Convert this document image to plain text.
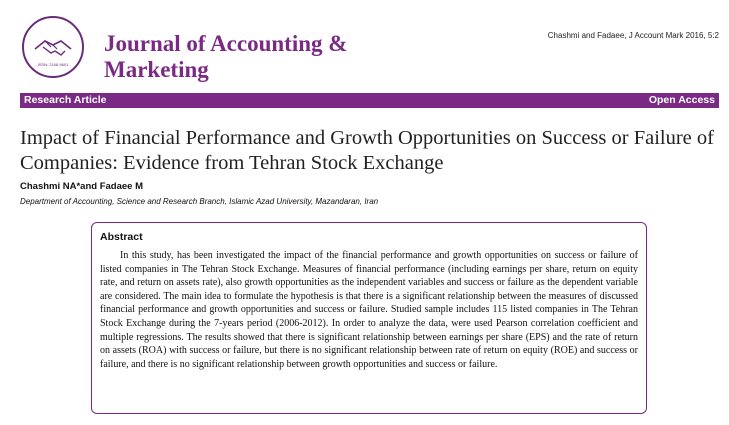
ISSN: 2168-9601
Journal of Accounting &
Marketing
Chashmi and Fadaee, J Account Mark 2016, 5:2
Research Article	Open Access
Impact of Financial Performance and Growth Opportunities on Success or Failure of Companies: Evidence from Tehran Stock Exchange
Chashmi NA*and Fadaee M
Department of Accounting, Science and Research Branch, Islamic Azad University, Mazandaran, Iran
Abstract

In this study, has been investigated the impact of the financial performance and growth opportunities on success or failure of listed companies in The Tehran Stock Exchange. Measures of financial performance (including earnings per share, return on equity rate, and return on assets rate), also growth opportunities as the independent variables and success or failure as the dependent variable are considered. The main idea to formulate the hypothesis is that there is a significant relationship between the measures of discussed financial performance and growth opportunities and success or failure. Studied sample includes 115 listed companies in The Tehran Stock Exchange during the 7-years period (2006-2012). In order to analyze the data, were used Pearson correlation coefficient and multiple regressions. The results showed that there is significant relationship between earnings per share (EPS) and the rate of return on assets (ROA) with success or failure, but there is no significant relationship between rate of return on equity (ROE) and success or failure, and there is no significant relationship between growth opportunities and success or failure.
